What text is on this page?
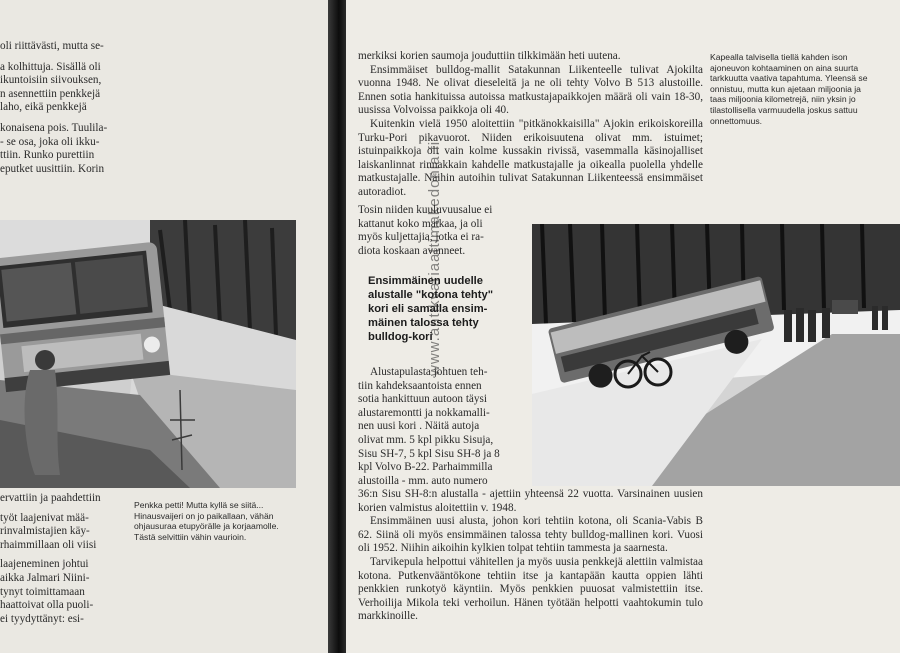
oli riittävästi, mutta se-

a kolhittuja. Sisällä oli

ikuntoisiin siivouksen,

n asennettiin penkkejä

laho, eikä penkkejä

konaisena pois. Tuulila-

- se osa, joka oli ikku-

ttiin. Runko purettiin

eputket uusittiin. Korin

Penkka petti! Mutta kyllä se siitä... Hinausvaijeri on jo paikallaan, vähän ohjausuraa etupyörälle ja korjaamolle. Tästä selvittiin vähin vaurioin.

ervattiin ja paahdettiin

työt laajenivat mää-

rinvalmistajien käy-

rhaimmillaan oli viisi

laajeneminen johtui

aikka Jalmari Niini-

tynyt toimittamaan

haattoivat olla puoli-

ei tyydyttänyt: esi-

merkiksi korien saumoja jouduttiin tilkkimään heti uutena.

Ensimmäiset bulldog-mallit Satakunnan Liikenteelle tulivat Ajokilta vuonna 1948. Ne olivat dieseleitä ja ne oli tehty Volvo B 513 alustoille. Ennen sotia hankituissa autoissa matkustajapaikkojen määrä oli vain 18-30, uusissa Volvoissa paikkoja oli 40.

Kuitenkin vielä 1950 aloitettiin "pitkänokkaisilla" Ajokin erikoiskoreilla Turku-Pori pikavuorot. Niiden erikoisuutena olivat mm. istuimet; istuinpaikkoja oli vain kolme kussakin rivissä, vasemmalla käsinojalliset laiskanlinnat rinnakkain kahdelle matkustajalle ja oikealla puolella yhdelle matkustajalle. Näihin autoihin tulivat Satakunnan Liikenteessä ensimmäiset autoradiot.

Tosin niiden kuuluvuusalue ei

kattanut koko matkaa, ja oli

myös kuljettajia, jotka ei ra-

diota koskaan avanneet.

Ensimmäinen uudelle
alustalle "kotona tehty"
kori eli samalla ensim-
mäinen talossa tehty
bulldog-kori

Alustapulasta johtuen teh-

tiin kahdeksaantoista ennen

sotia hankittuun autoon täysi

alustaremontti ja nokkamalli-

nen uusi kori . Näitä autoja

olivat mm. 5 kpl pikku Sisuja,

Sisu SH-7, 5 kpl Sisu SH-8 ja 8

kpl Volvo B-22. Parhaimmilla

alustoilla - mm. auto numero

Kapealla talvisella tiellä kahden ison ajoneuvon kohtaaminen on aina suurta tarkkuutta vaativa tapahtuma. Yleensä se onnistuu, mutta kun ajetaan miljoonia ja taas miljoonia kilometrejä, niin yksin jo tilastollisella varmuudella joskus sattuu onnettomuus.

36:n Sisu SH-8:n alustalla - ajettiin yhteensä 22 vuotta. Varsinainen uusien korien valmistus aloitettiin v. 1948.

Ensimmäinen uusi alusta, johon kori tehtiin kotona, oli Scania-Vabis B 62. Siinä oli myös ensimmäinen talossa tehty bulldog-mallinen kori. Vuosi oli 1952. Niihin aikoihin kylkien tolpat tehtiin tammesta ja saarnesta.

Tarvikepula helpottui vähitellen ja myös uusia penkkejä alettiin valmistaa kotona. Putkenvääntökone tehtiin itse ja kantapään kautta oppien lähti penkkien runkotyö käyntiin. Myös penkkien puuosat valmistettiin itse. Verhoilija Mikola teki verhoilun. Hänen työtään helpotti vaahtokumin tulo markkinoille.

www.antikvariaattimakedonia.fi
